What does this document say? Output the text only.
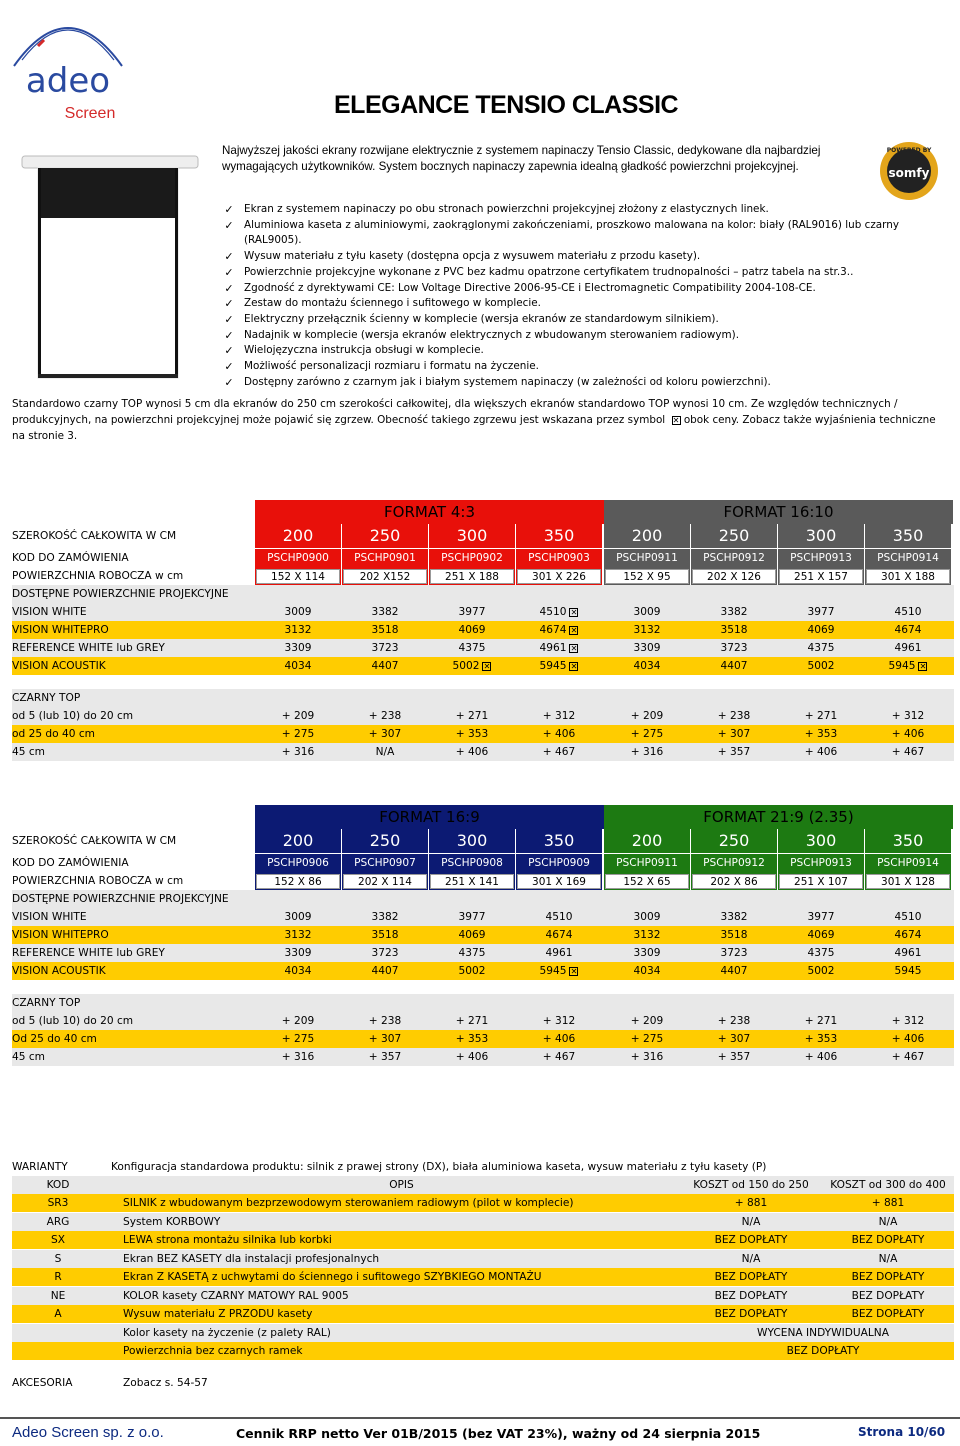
adeo
Screen	ELEGANCE TENSIO CLASSIC
Najwyższej jakości ekrany rozwijane elektrycznie z systemem napinaczy Tensio Classic, dedykowane dla najbardziej wymagających użytkowników. System bocznych napinaczy zapewnia idealną gładkość powierzchni projekcyjnej.
POWERED BY
somfy
✓ Ekran z systemem napinaczy po obu stronach powierzchni projekcyjnej złożony z elastycznych linek.
✓ Aluminiowa kaseta z aluminiowymi, zaokrąglonymi zakończeniami, proszkowo malowana na kolor: biały (RAL9016) lub czarny (RAL9005).
✓ Wysuw materiału z tyłu kasety (dostępna opcja z wysuwem materiału z przodu kasety).
✓ Powierzchnie projekcyjne wykonane z PVC bez kadmu opatrzone certyfikatem trudnopalności – patrz tabela na str.3..
✓ Zgodność z dyrektywami CE: Low Voltage Directive 2006-95-CE i Electromagnetic Compatibility 2004-108-CE.
✓ Zestaw do montażu ściennego i sufitowego w komplecie.
✓ Elektryczny przełącznik ścienny w komplecie (wersja ekranów ze standardowym silnikiem).
✓ Nadajnik w komplecie (wersja ekranów elektrycznych z wbudowanym sterowaniem radiowym).
✓ Wielojęzyczna instrukcja obsługi w komplecie.
✓ Możliwość personalizacji rozmiaru i formatu na życzenie.
✓ Dostępny zarówno z czarnym jak i białym systemem napinaczy (w zależności od koloru powierzchni).
Standardowo czarny TOP wynosi 5 cm dla ekranów do 250 cm szerokości całkowitej, dla większych ekranów standardowo TOP wynosi 10 cm. Ze względów technicznych / produkcyjnych, na powierzchni projekcyjnej może pojawić się zgrzew. Obecność takiego zgrzewu jest wskazana przez symbol ✕ obok ceny. Zobacz także wyjaśnienia techniczne na stronie 3.
FORMAT 4:3	FORMAT 16:10
SZEROKOŚĆ CAŁKOWITA W CM	200	250	300	350	200	250	300	350
KOD DO ZAMÓWIENIA	PSCHP0900	PSCHP0901	PSCHP0902	PSCHP0903	PSCHP0911	PSCHP0912	PSCHP0913	PSCHP0914
POWIERZCHNIA ROBOCZA w cm	152 X 114	202 X152	251 X 188	301 X 226	152 X 95	202 X 126	251 X 157	301 X 188
DOSTĘPNE POWIERZCHNIE PROJEKCYJNE
VISION WHITE	3009	3382	3977	4510 ✕	3009	3382	3977	4510
VISION WHITEPRO	3132	3518	4069	4674 ✕	3132	3518	4069	4674
REFERENCE WHITE lub GREY	3309	3723	4375	4961 ✕	3309	3723	4375	4961
VISION ACOUSTIK	4034	4407	5002 ✕	5945 ✕	4034	4407	5002	5945 ✕
CZARNY TOP
od 5 (lub 10) do 20 cm	+ 209	+ 238	+ 271	+ 312	+ 209	+ 238	+ 271	+ 312
od 25 do 40 cm	+ 275	+ 307	+ 353	+ 406	+ 275	+ 307	+ 353	+ 406
45 cm	+ 316	N/A	+ 406	+ 467	+ 316	+ 357	+ 406	+ 467
FORMAT 16:9	FORMAT 21:9 (2.35)
SZEROKOŚĆ CAŁKOWITA W CM	200	250	300	350	200	250	300	350
KOD DO ZAMÓWIENIA	PSCHP0906	PSCHP0907	PSCHP0908	PSCHP0909	PSCHP0911	PSCHP0912	PSCHP0913	PSCHP0914
POWIERZCHNIA ROBOCZA w cm	152 X 86	202 X 114	251 X 141	301 X 169	152 X 65	202 X 86	251 X 107	301 X 128
DOSTĘPNE POWIERZCHNIE PROJEKCYJNE
VISION WHITE	3009	3382	3977	4510	3009	3382	3977	4510
VISION WHITEPRO	3132	3518	4069	4674	3132	3518	4069	4674
REFERENCE WHITE lub GREY	3309	3723	4375	4961	3309	3723	4375	4961
VISION ACOUSTIK	4034	4407	5002	5945 ✕	4034	4407	5002	5945
CZARNY TOP
od 5 (lub 10) do 20 cm	+ 209	+ 238	+ 271	+ 312	+ 209	+ 238	+ 271	+ 312
Od 25 do 40 cm	+ 275	+ 307	+ 353	+ 406	+ 275	+ 307	+ 353	+ 406
45 cm	+ 316	+ 357	+ 406	+ 467	+ 316	+ 357	+ 406	+ 467
WARIANTY	Konfiguracja standardowa produktu: silnik z prawej strony (DX), biała aluminiowa kaseta, wysuw materiału z tyłu kasety (P)
KOD	OPIS	KOSZT od 150 do 250	KOSZT od 300 do 400
SR3	SILNIK z wbudowanym bezprzewodowym sterowaniem radiowym (pilot w komplecie)	+ 881	+ 881
ARG	System KORBOWY	N/A	N/A
SX	LEWA strona montażu silnika lub korbki	BEZ DOPŁATY	BEZ DOPŁATY
S	Ekran BEZ KASETY dla instalacji profesjonalnych	N/A	N/A
R	Ekran Z KASETĄ z uchwytami do ściennego i sufitowego SZYBKIEGO MONTAŻU	BEZ DOPŁATY	BEZ DOPŁATY
NE	KOLOR kasety CZARNY MATOWY RAL 9005	BEZ DOPŁATY	BEZ DOPŁATY
A	Wysuw materiału Z PRZODU kasety	BEZ DOPŁATY	BEZ DOPŁATY
Kolor kasety na życzenie (z palety RAL)	WYCENA INDYWIDUALNA
Powierzchnia bez czarnych ramek	BEZ DOPŁATY
AKCESORIA	Zobacz s. 54-57
Adeo Screen sp. z o.o.	Cennik RRP netto Ver 01B/2015 (bez VAT 23%), ważny od 24 sierpnia 2015	Strona 10/60
